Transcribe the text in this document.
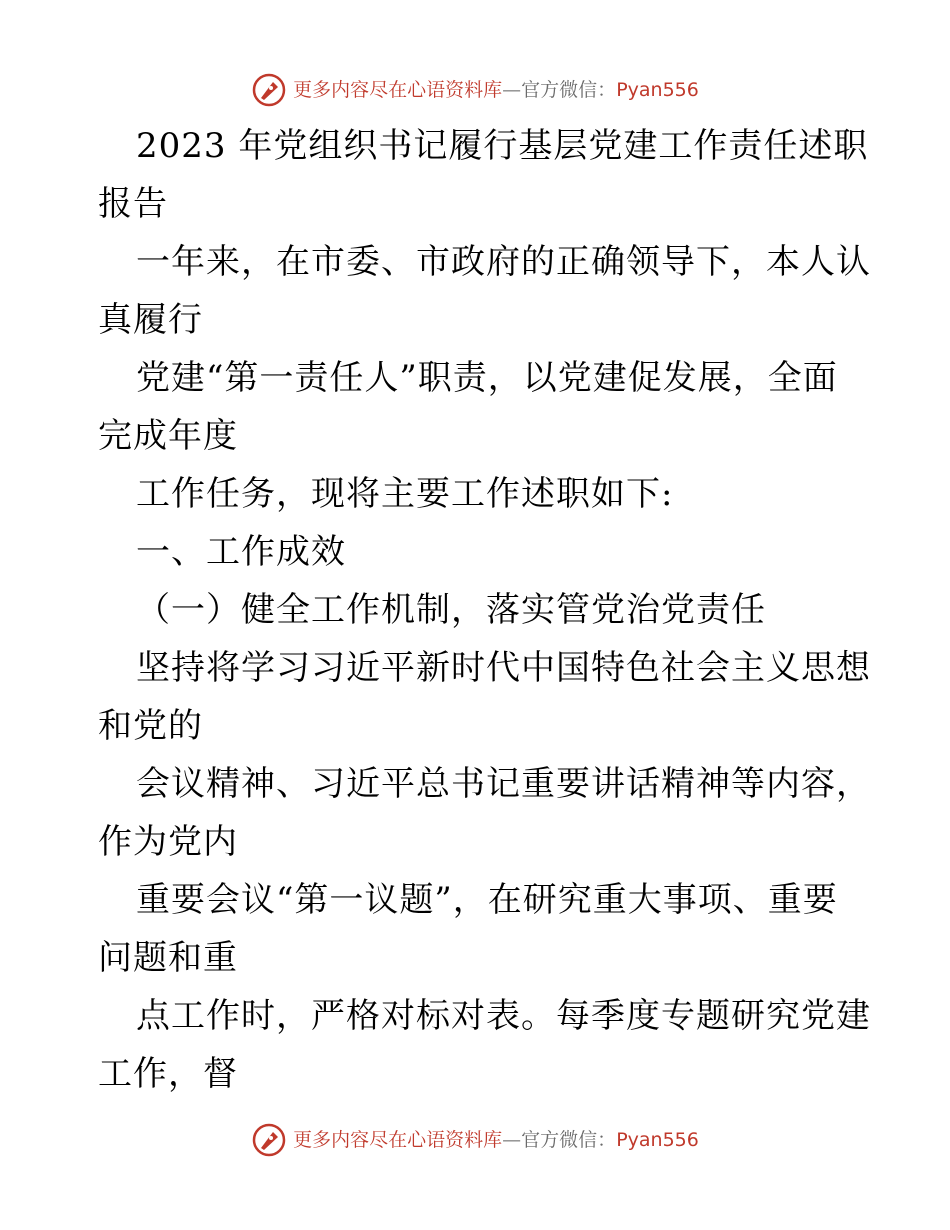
更多内容尽在心语资料库—官方微信：Pyan556
2023 年党组织书记履行基层党建工作责任述职
报告
一年来，在市委、市政府的正确领导下，本人认
真履行
党建“第一责任人”职责，以党建促发展，全面
完成年度
工作任务，现将主要工作述职如下:
一、工作成效
（一）健全工作机制，落实管党治党责任
坚持将学习习近平新时代中国特色社会主义思想
和党的
会议精神、习近平总书记重要讲话精神等内容，
作为党内
重要会议“第一议题”，在研究重大事项、重要
问题和重
点工作时，严格对标对表。每季度专题研究党建
工作，督
更多内容尽在心语资料库—官方微信：Pyan556
